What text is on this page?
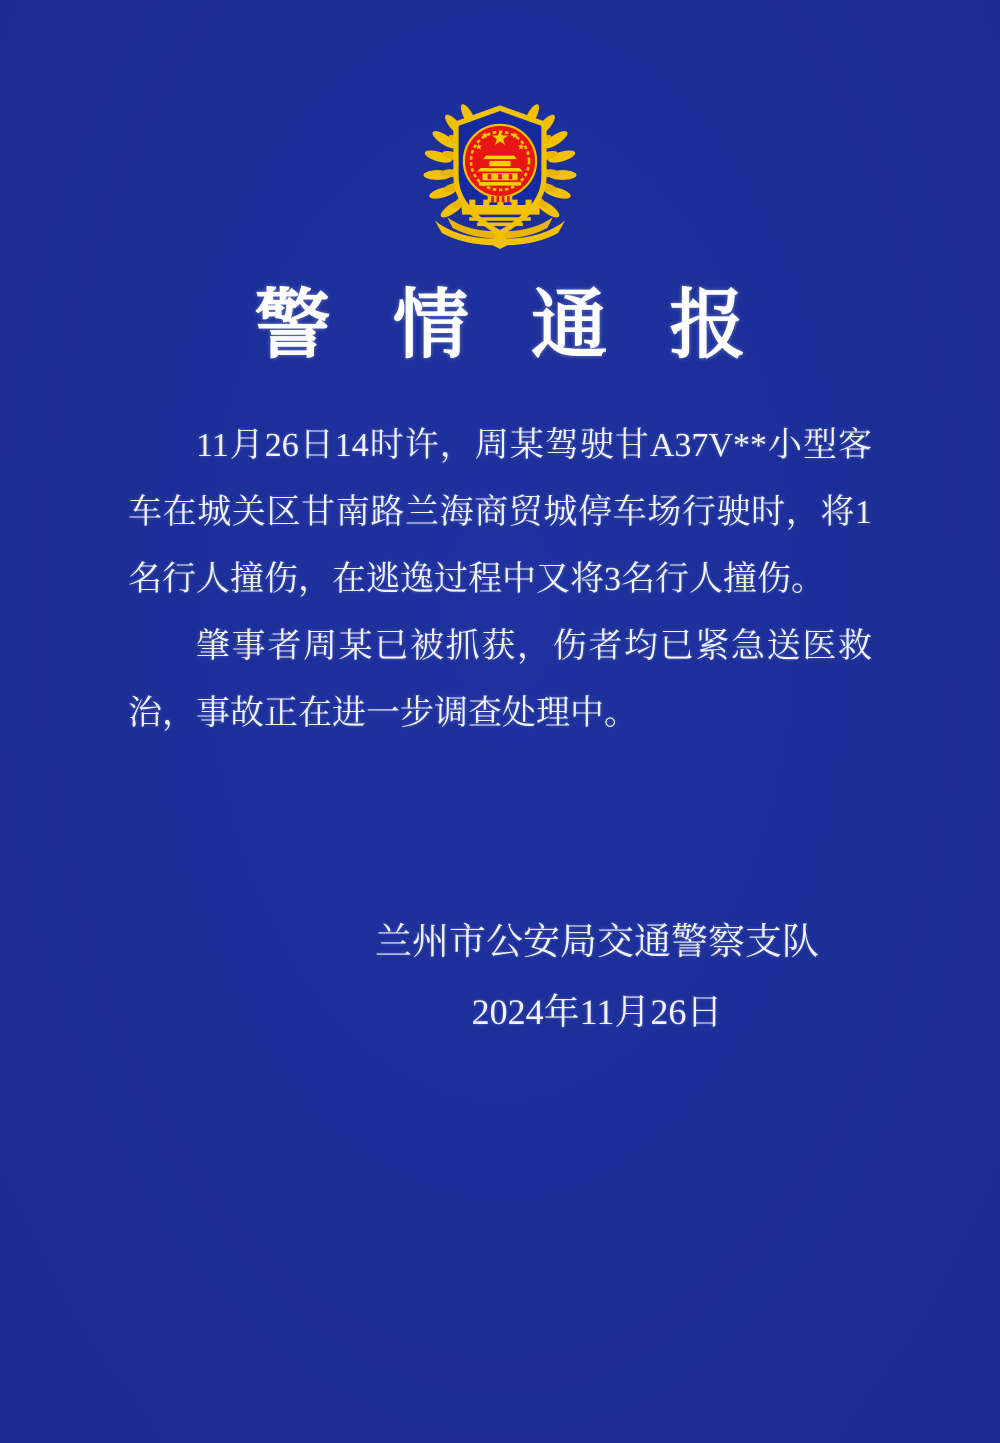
警情通报
11月26日14时许，周某驾驶甘A37V**小型客
车在城关区甘南路兰海商贸城停车场行驶时，将1
名行人撞伤，在逃逸过程中又将3名行人撞伤。
肇事者周某已被抓获，伤者均已紧急送医救
治，事故正在进一步调查处理中。
兰州市公安局交通警察支队
2024年11月26日
